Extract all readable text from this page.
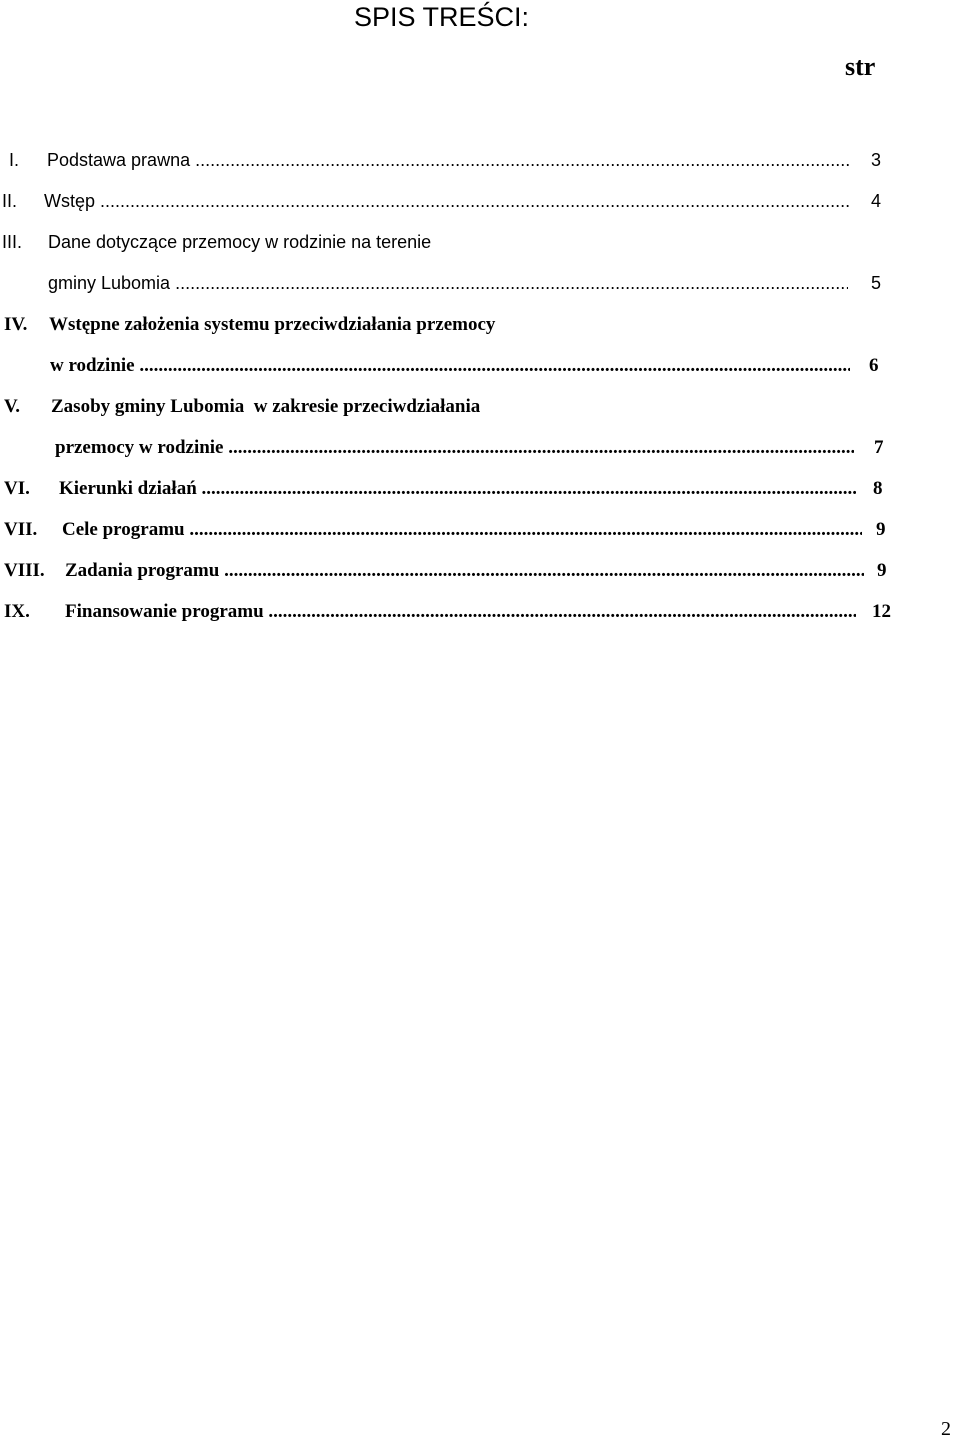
SPIS TREŚCI:
str
I. Podstawa prawna .....	3
II. Wstęp .....	4
III. Dane dotyczące przemocy w rodzinie na terenie
gminy Lubomia .....	5
IV. Wstępne założenia systemu przeciwdziałania przemocy
w rodzinie .....	6
V. Zasoby gminy Lubomia  w zakresie przeciwdziałania
przemocy w rodzinie .....	7
VI. Kierunki działań .....	8
VII. Cele programu .....	9
VIII. Zadania programu .....	9
IX. Finansowanie programu .....	12
2
